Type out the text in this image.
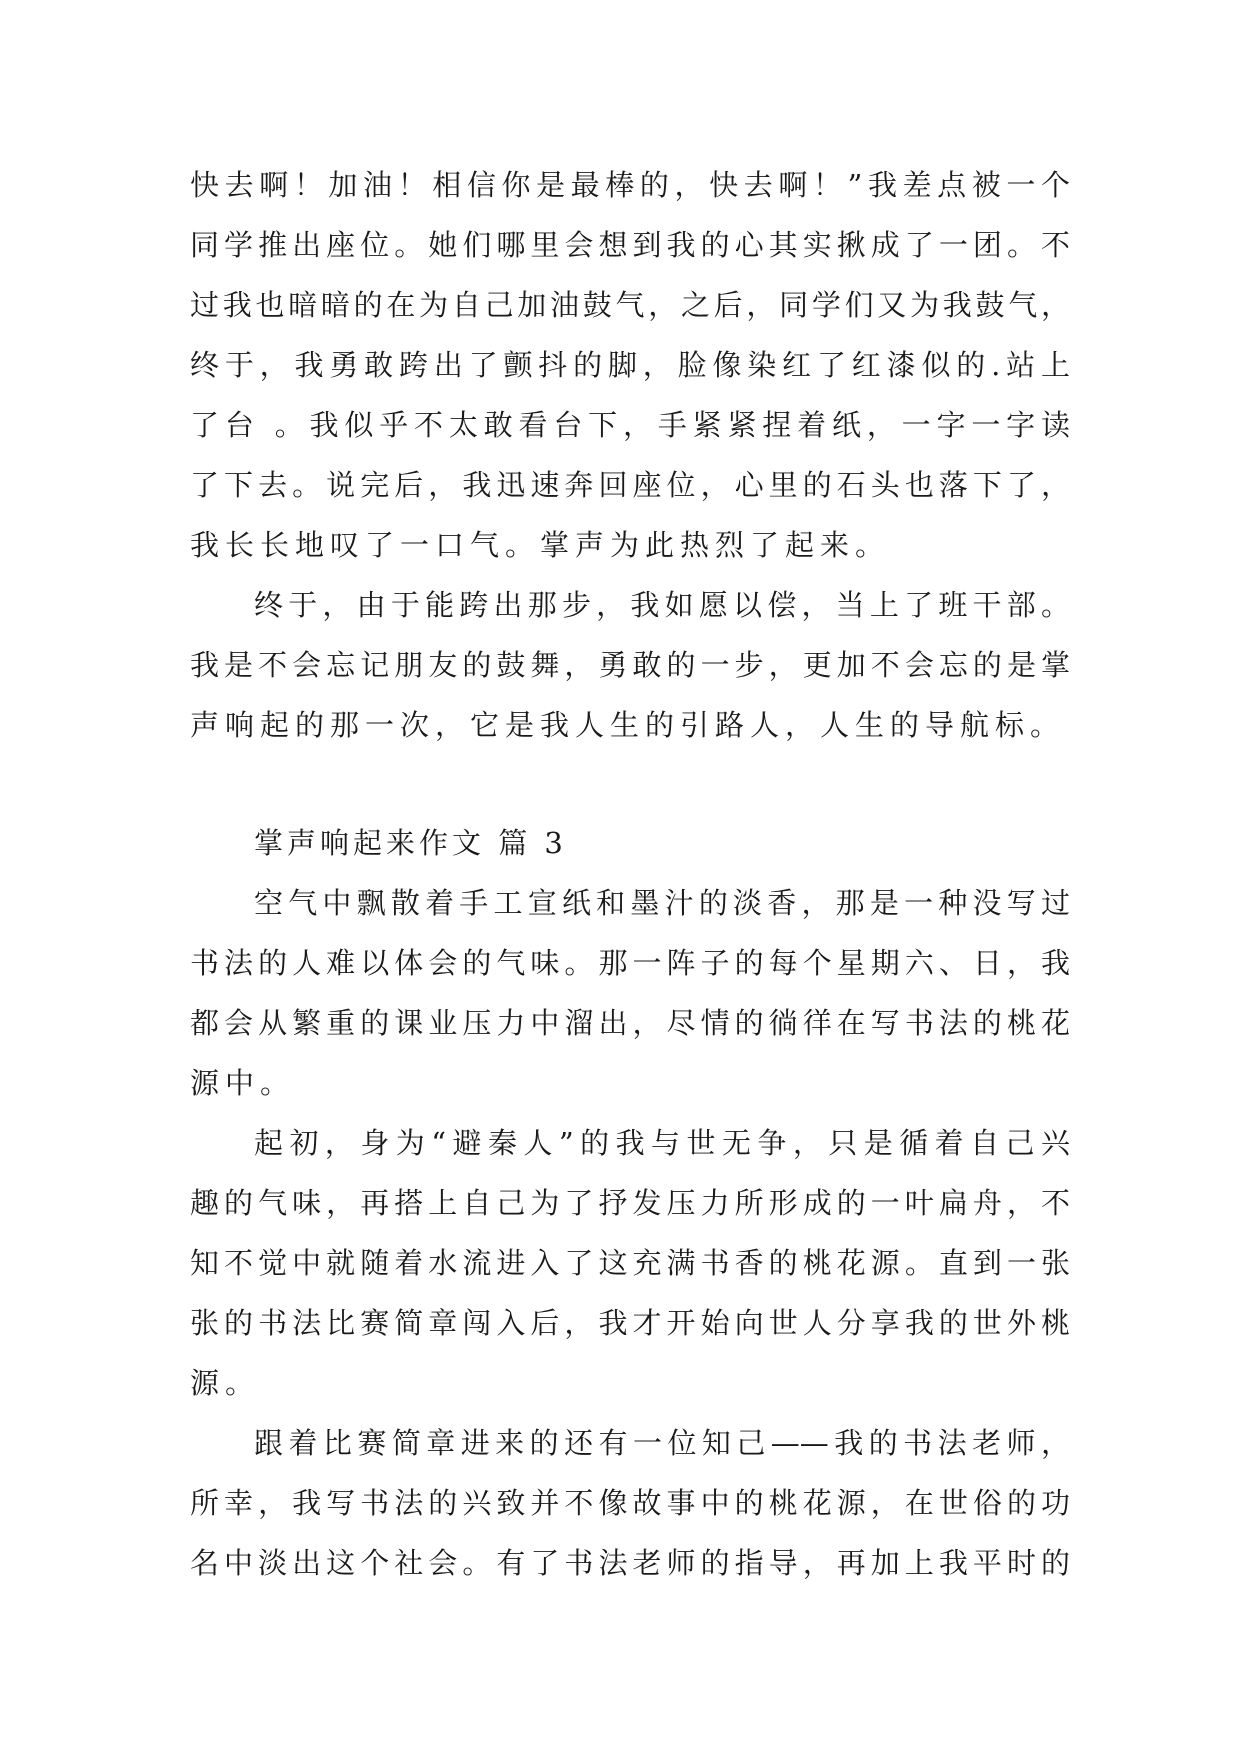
快去啊！加油！相信你是最棒的，快去啊！”我差点被一个
同学推出座位。她们哪里会想到我的心其实揪成了一团。不
过我也暗暗的在为自己加油鼓气，之后，同学们又为我鼓气，
终于，我勇敢跨出了颤抖的脚，脸像染红了红漆似的.站上
了台 。我似乎不太敢看台下，手紧紧捏着纸，一字一字读
了下去。说完后，我迅速奔回座位，心里的石头也落下了，
我长长地叹了一口气。掌声为此热烈了起来。
终于，由于能跨出那步，我如愿以偿，当上了班干部。
我是不会忘记朋友的鼓舞，勇敢的一步，更加不会忘的是掌
声响起的那一次，它是我人生的引路人，人生的导航标。
掌声响起来作文 篇 3
空气中飘散着手工宣纸和墨汁的淡香，那是一种没写过
书法的人难以体会的气味。那一阵子的每个星期六、日，我
都会从繁重的课业压力中溜出，尽情的徜徉在写书法的桃花
源中。
起初，身为“避秦人”的我与世无争，只是循着自己兴
趣的气味，再搭上自己为了抒发压力所形成的一叶扁舟，不
知不觉中就随着水流进入了这充满书香的桃花源。直到一张
张的书法比赛简章闯入后，我才开始向世人分享我的世外桃
源。
跟着比赛简章进来的还有一位知己——我的书法老师，
所幸，我写书法的兴致并不像故事中的桃花源，在世俗的功
名中淡出这个社会。有了书法老师的指导，再加上我平时的
